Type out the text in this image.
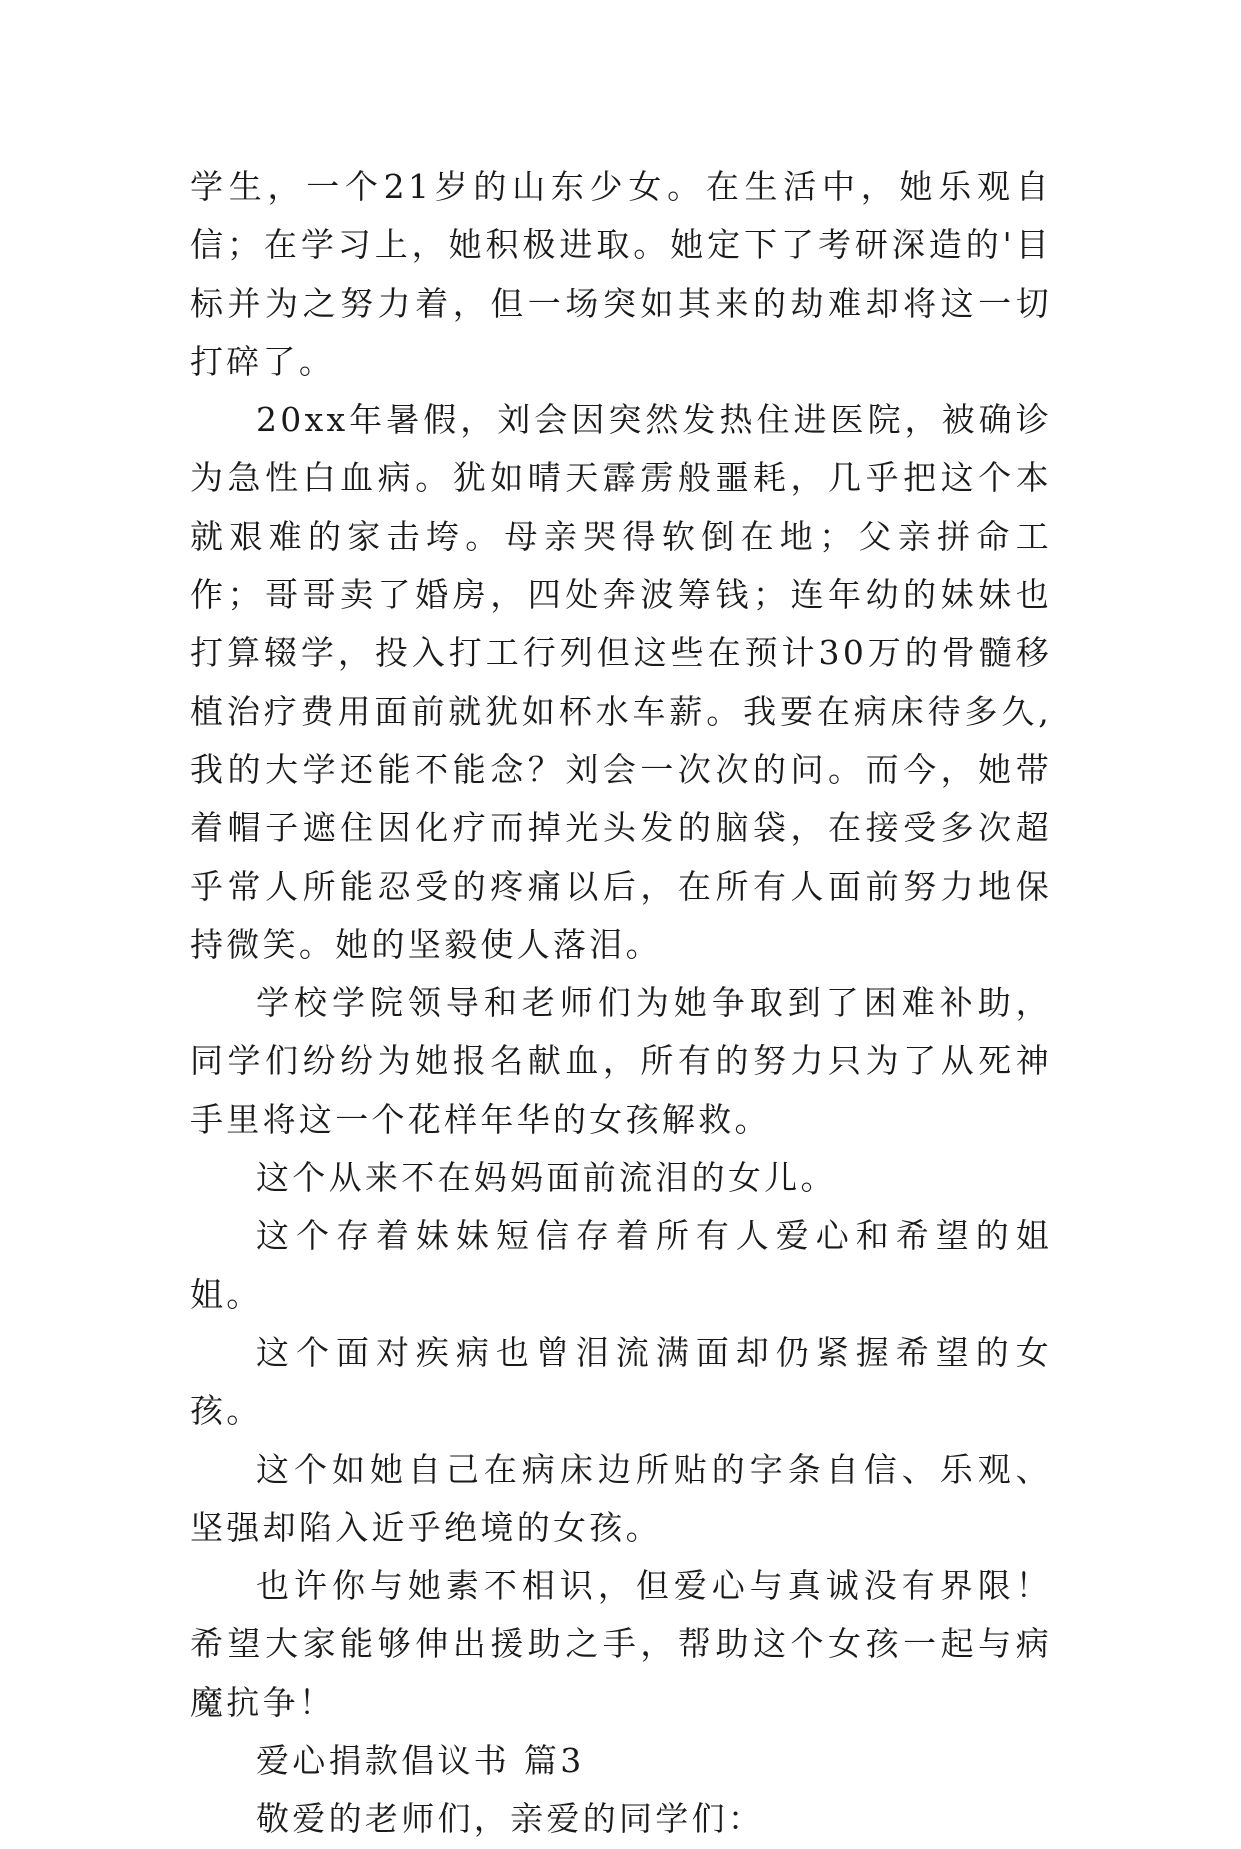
学生，一个21岁的山东少女。在生活中，她乐观自信；在学习上，她积极进取。她定下了考研深造的'目标并为之努力着，但一场突如其来的劫难却将这一切打碎了。

20xx年暑假，刘会因突然发热住进医院，被确诊为急性白血病。犹如晴天霹雳般噩耗，几乎把这个本就艰难的家击垮。母亲哭得软倒在地；父亲拼命工作；哥哥卖了婚房，四处奔波筹钱；连年幼的妹妹也打算辍学，投入打工行列但这些在预计30万的骨髓移植治疗费用面前就犹如杯水车薪。我要在病床待多久,我的大学还能不能念？刘会一次次的问。而今，她带着帽子遮住因化疗而掉光头发的脑袋，在接受多次超乎常人所能忍受的疼痛以后，在所有人面前努力地保持微笑。她的坚毅使人落泪。

学校学院领导和老师们为她争取到了困难补助，同学们纷纷为她报名献血，所有的努力只为了从死神手里将这一个花样年华的女孩解救。

这个从来不在妈妈面前流泪的女儿。

这个存着妹妹短信存着所有人爱心和希望的姐姐。

这个面对疾病也曾泪流满面却仍紧握希望的女孩。

这个如她自己在病床边所贴的字条自信、乐观、坚强却陷入近乎绝境的女孩。

也许你与她素不相识，但爱心与真诚没有界限！希望大家能够伸出援助之手，帮助这个女孩一起与病魔抗争！

爱心捐款倡议书 篇3

敬爱的老师们，亲爱的同学们：
